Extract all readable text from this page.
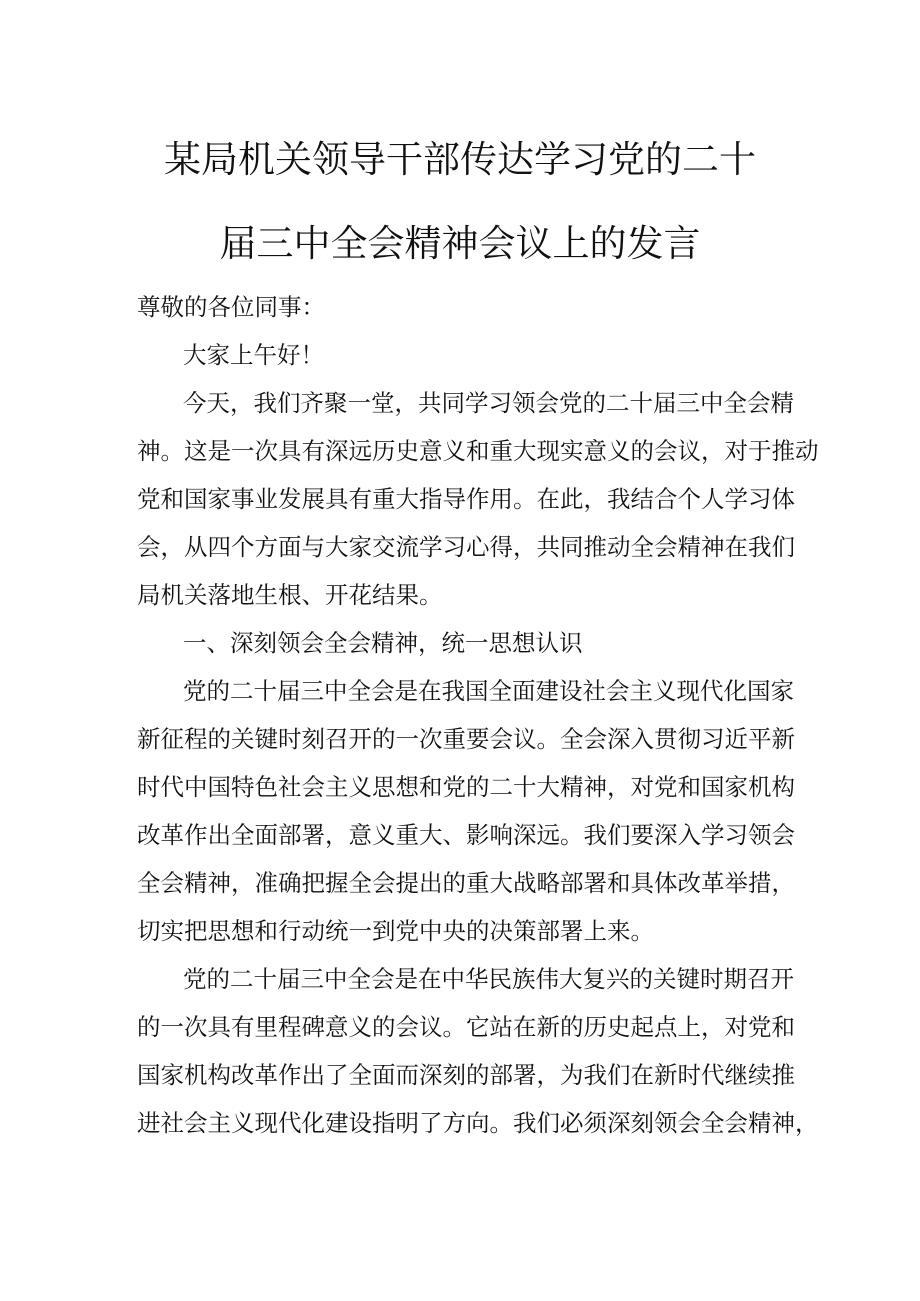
某局机关领导干部传达学习党的二十
届三中全会精神会议上的发言
尊敬的各位同事：
大家上午好！
今天，我们齐聚一堂，共同学习领会党的二十届三中全会精
神。这是一次具有深远历史意义和重大现实意义的会议，对于推动
党和国家事业发展具有重大指导作用。在此，我结合个人学习体
会，从四个方面与大家交流学习心得，共同推动全会精神在我们
局机关落地生根、开花结果。
一、深刻领会全会精神，统一思想认识
党的二十届三中全会是在我国全面建设社会主义现代化国家
新征程的关键时刻召开的一次重要会议。全会深入贯彻习近平新
时代中国特色社会主义思想和党的二十大精神，对党和国家机构
改革作出全面部署，意义重大、影响深远。我们要深入学习领会
全会精神，准确把握全会提出的重大战略部署和具体改革举措，
切实把思想和行动统一到党中央的决策部署上来。
党的二十届三中全会是在中华民族伟大复兴的关键时期召开
的一次具有里程碑意义的会议。它站在新的历史起点上，对党和
国家机构改革作出了全面而深刻的部署，为我们在新时代继续推
进社会主义现代化建设指明了方向。我们必须深刻领会全会精神，
